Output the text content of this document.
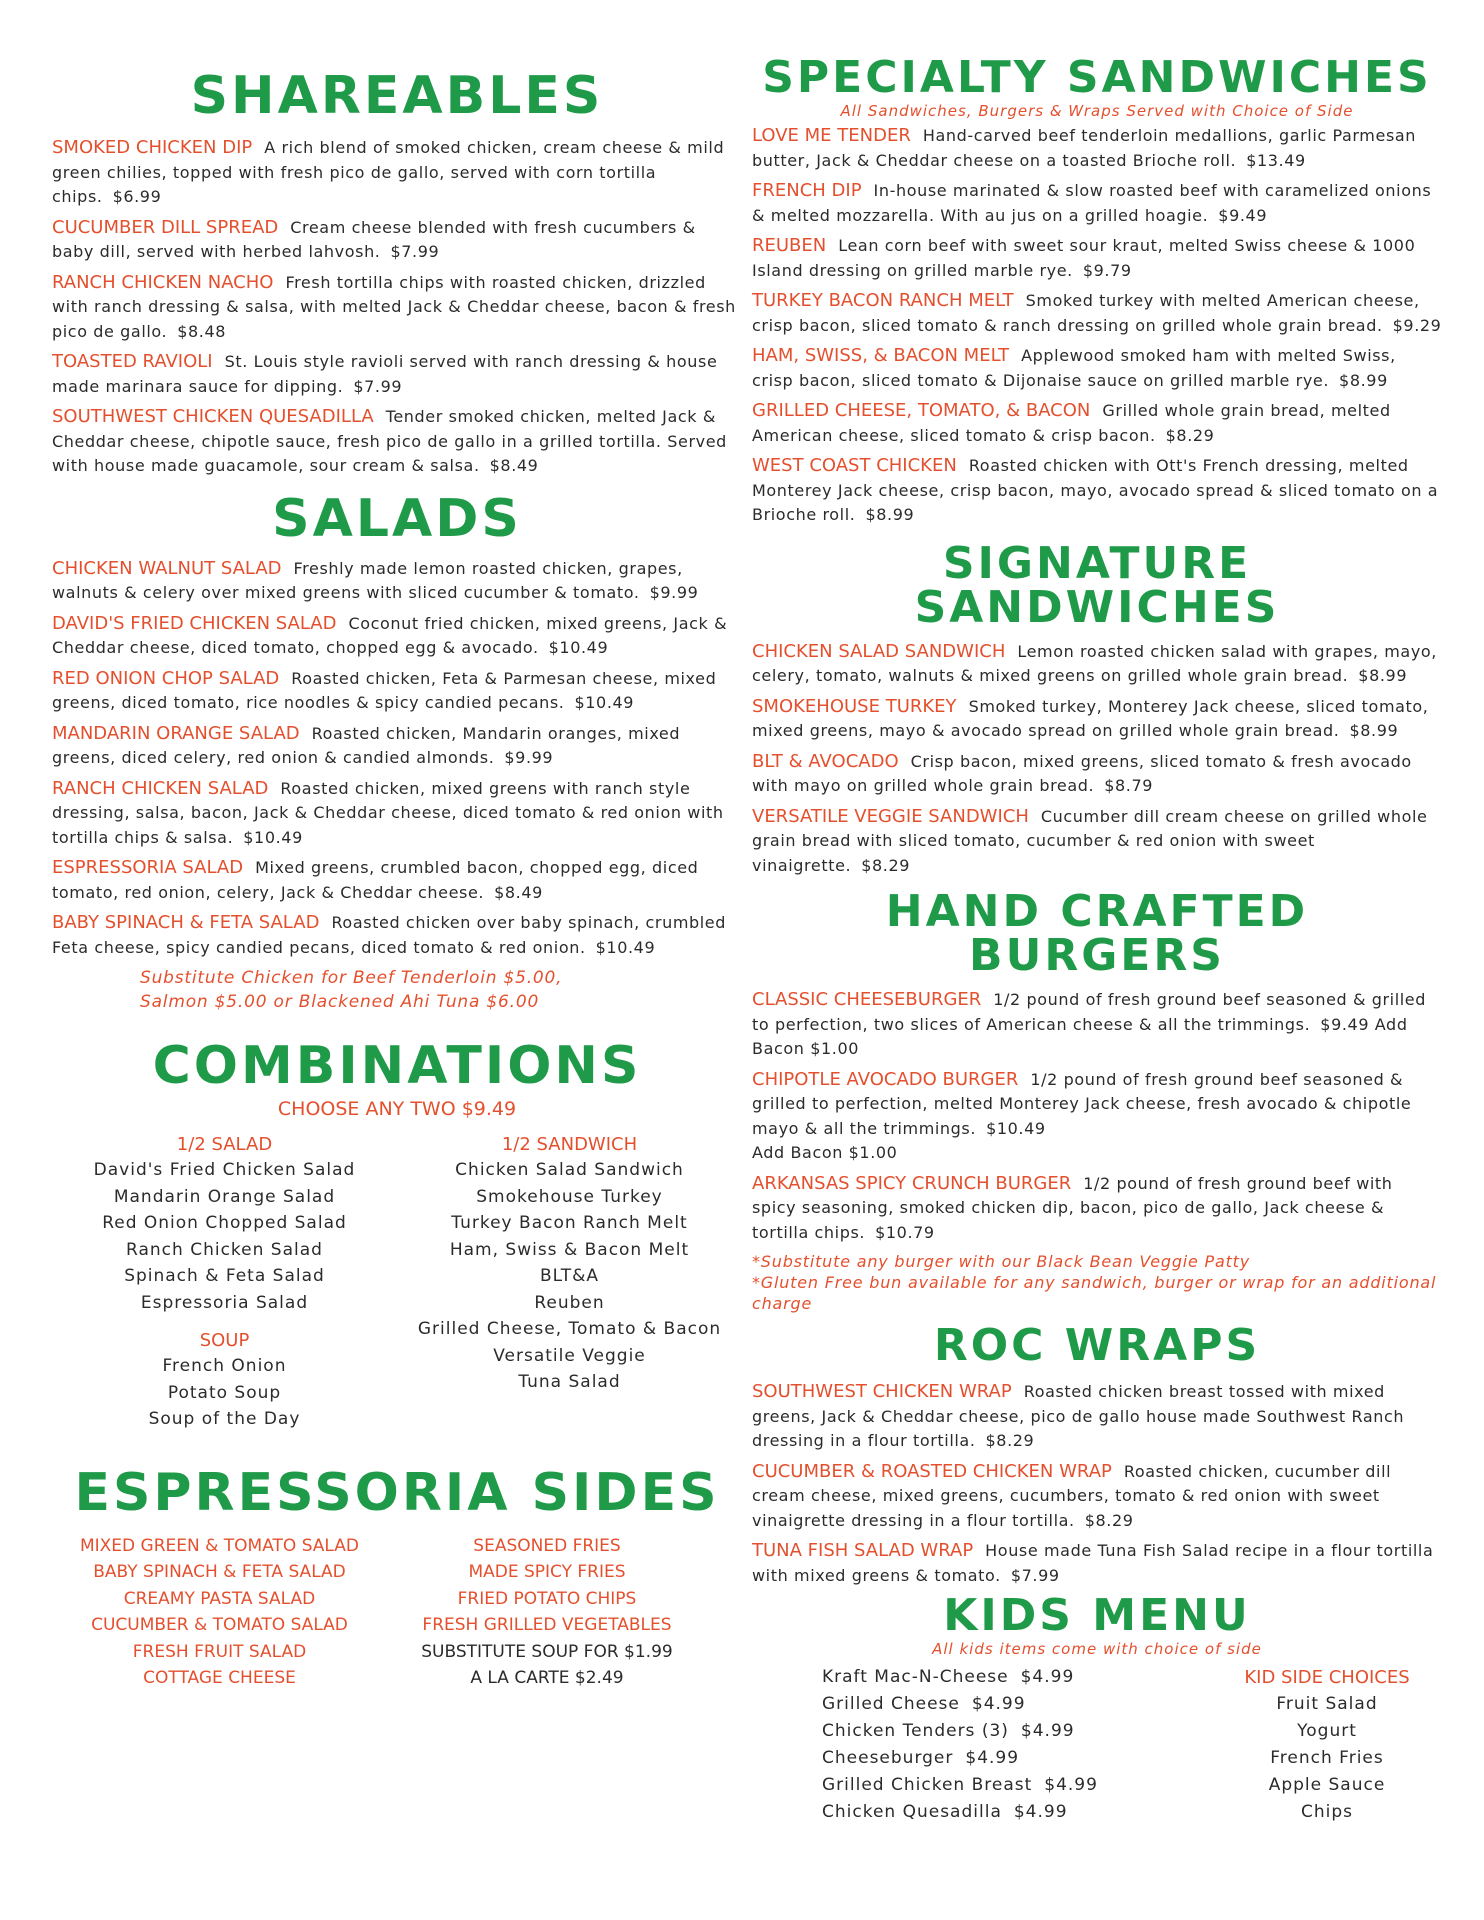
SHAREABLES

SMOKED CHICKEN DIP A rich blend of smoked chicken, cream cheese & mild green chilies, topped with fresh pico de gallo, served with corn tortilla chips. $6.99

CUCUMBER DILL SPREAD Cream cheese blended with fresh cucumbers & baby dill, served with herbed lahvosh. $7.99

RANCH CHICKEN NACHO Fresh tortilla chips with roasted chicken, drizzled with ranch dressing & salsa, with melted Jack & Cheddar cheese, bacon & fresh pico de gallo. $8.48

TOASTED RAVIOLI St. Louis style ravioli served with ranch dressing & house made marinara sauce for dipping. $7.99

SOUTHWEST CHICKEN QUESADILLA Tender smoked chicken, melted Jack & Cheddar cheese, chipotle sauce, fresh pico de gallo in a grilled tortilla. Served with house made guacamole, sour cream & salsa. $8.49

SALADS

CHICKEN WALNUT SALAD Freshly made lemon roasted chicken, grapes, walnuts & celery over mixed greens with sliced cucumber & tomato. $9.99

DAVID'S FRIED CHICKEN SALAD Coconut fried chicken, mixed greens, Jack & Cheddar cheese, diced tomato, chopped egg & avocado. $10.49

RED ONION CHOP SALAD Roasted chicken, Feta & Parmesan cheese, mixed greens, diced tomato, rice noodles & spicy candied pecans. $10.49

MANDARIN ORANGE SALAD Roasted chicken, Mandarin oranges, mixed greens, diced celery, red onion & candied almonds. $9.99

RANCH CHICKEN SALAD Roasted chicken, mixed greens with ranch style dressing, salsa, bacon, Jack & Cheddar cheese, diced tomato & red onion with tortilla chips & salsa. $10.49

ESPRESSORIA SALAD Mixed greens, crumbled bacon, chopped egg, diced tomato, red onion, celery, Jack & Cheddar cheese. $8.49

BABY SPINACH & FETA SALAD Roasted chicken over baby spinach, crumbled Feta cheese, spicy candied pecans, diced tomato & red onion. $10.49

Substitute Chicken for Beef Tenderloin $5.00,
Salmon $5.00 or Blackened Ahi Tuna $6.00
COMBINATIONS
CHOOSE ANY TWO $9.49
1/2 SALAD
David's Fried Chicken Salad
Mandarin Orange Salad
Red Onion Chopped Salad
Ranch Chicken Salad
Spinach & Feta Salad
Espressoria Salad
SOUP
French Onion
Potato Soup
Soup of the Day
1/2 SANDWICH
Chicken Salad Sandwich
Smokehouse Turkey
Turkey Bacon Ranch Melt
Ham, Swiss & Bacon Melt
BLT&A
Reuben
Grilled Cheese, Tomato & Bacon
Versatile Veggie
Tuna Salad
ESPRESSORIA SIDES
MIXED GREEN & TOMATO SALAD
BABY SPINACH & FETA SALAD
CREAMY PASTA SALAD
CUCUMBER & TOMATO SALAD
FRESH FRUIT SALAD
COTTAGE CHEESE
SEASONED FRIES
MADE SPICY FRIES
FRIED POTATO CHIPS
FRESH GRILLED VEGETABLES
SUBSTITUTE SOUP FOR $1.99
A LA CARTE $2.49
SPECIALTY SANDWICHES
All Sandwiches, Burgers & Wraps Served with Choice of Side

LOVE ME TENDER Hand-carved beef tenderloin medallions, garlic Parmesan butter, Jack & Cheddar cheese on a toasted Brioche roll. $13.49

FRENCH DIP In-house marinated & slow roasted beef with caramelized onions & melted mozzarella. With au jus on a grilled hoagie. $9.49

REUBEN Lean corn beef with sweet sour kraut, melted Swiss cheese & 1000 Island dressing on grilled marble rye. $9.79

TURKEY BACON RANCH MELT Smoked turkey with melted American cheese, crisp bacon, sliced tomato & ranch dressing on grilled whole grain bread. $9.29

HAM, SWISS, & BACON MELT Applewood smoked ham with melted Swiss, crisp bacon, sliced tomato & Dijonaise sauce on grilled marble rye. $8.99

GRILLED CHEESE, TOMATO, & BACON Grilled whole grain bread, melted American cheese, sliced tomato & crisp bacon. $8.29

WEST COAST CHICKEN Roasted chicken with Ott's French dressing, melted Monterey Jack cheese, crisp bacon, mayo, avocado spread & sliced tomato on a Brioche roll. $8.99

SIGNATURE SANDWICHES

CHICKEN SALAD SANDWICH Lemon roasted chicken salad with grapes, mayo, celery, tomato, walnuts & mixed greens on grilled whole grain bread. $8.99

SMOKEHOUSE TURKEY Smoked turkey, Monterey Jack cheese, sliced tomato, mixed greens, mayo & avocado spread on grilled whole grain bread. $8.99

BLT & AVOCADO Crisp bacon, mixed greens, sliced tomato & fresh avocado with mayo on grilled whole grain bread. $8.79

VERSATILE VEGGIE SANDWICH Cucumber dill cream cheese on grilled whole grain bread with sliced tomato, cucumber & red onion with sweet vinaigrette. $8.29

HAND CRAFTED BURGERS

CLASSIC CHEESEBURGER 1/2 pound of fresh ground beef seasoned & grilled to perfection, two slices of American cheese & all the trimmings. $9.49 Add Bacon $1.00

CHIPOTLE AVOCADO BURGER 1/2 pound of fresh ground beef seasoned & grilled to perfection, melted Monterey Jack cheese, fresh avocado & chipotle mayo & all the trimmings. $10.49
Add Bacon $1.00

ARKANSAS SPICY CRUNCH BURGER 1/2 pound of fresh ground beef with spicy seasoning, smoked chicken dip, bacon, pico de gallo, Jack cheese & tortilla chips. $10.79

*Substitute any burger with our Black Bean Veggie Patty
*Gluten Free bun available for any sandwich, burger or wrap for an additional charge
ROC WRAPS

SOUTHWEST CHICKEN WRAP Roasted chicken breast tossed with mixed greens, Jack & Cheddar cheese, pico de gallo house made Southwest Ranch dressing in a flour tortilla. $8.29

CUCUMBER & ROASTED CHICKEN WRAP Roasted chicken, cucumber dill cream cheese, mixed greens, cucumbers, tomato & red onion with sweet vinaigrette dressing in a flour tortilla. $8.29

TUNA FISH SALAD WRAP House made Tuna Fish Salad recipe in a flour tortilla with mixed greens & tomato. $7.99

KIDS MENU
All kids items come with choice of side
Kraft Mac-N-Cheese $4.99
Grilled Cheese $4.99
Chicken Tenders (3) $4.99
Cheeseburger $4.99
Grilled Chicken Breast $4.99
Chicken Quesadilla $4.99
KID SIDE CHOICES
Fruit Salad
Yogurt
French Fries
Apple Sauce
Chips
